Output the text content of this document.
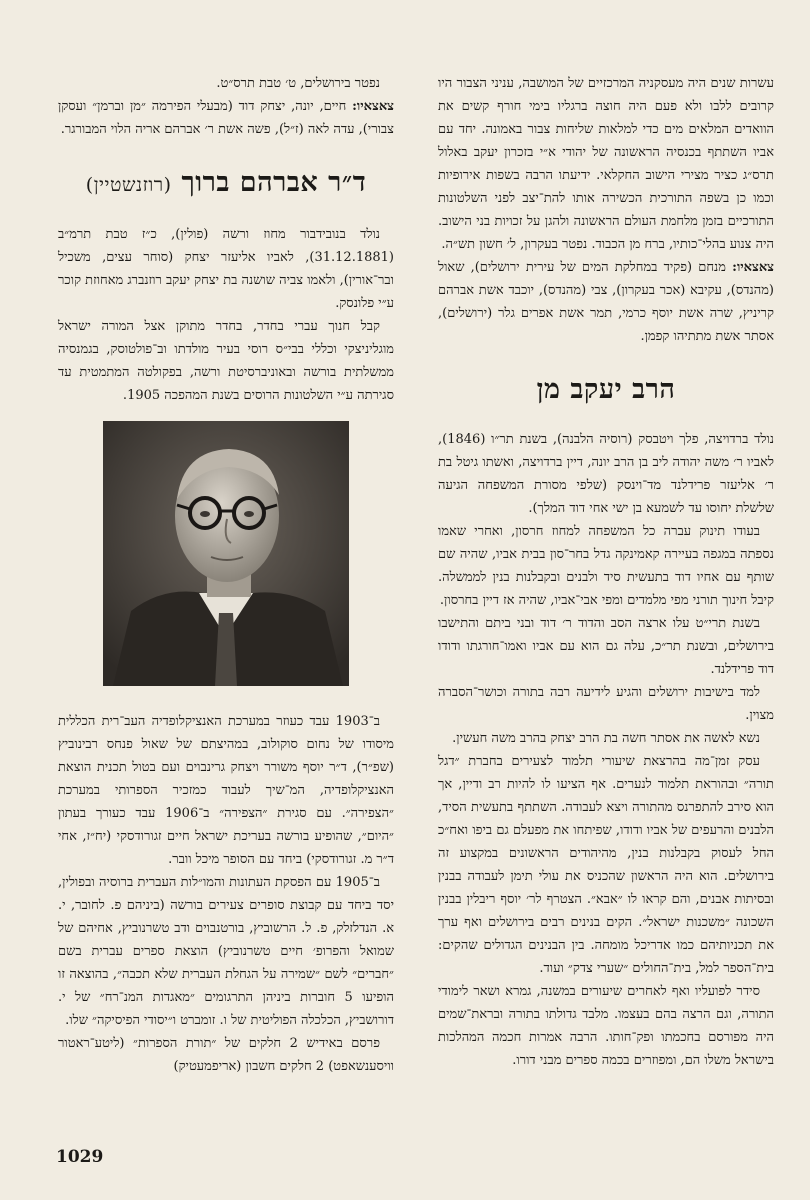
עשרות שנים היה מעסקניה המרכזיים של המושבה, עניני הצבור היו קרובים ללבו ולא פעם היה חוצה ברגליו בימי חורף קשים את הוואדים המלאים מים כדי למלאות שליחות צבור באמונה. יחד עם אביו השתתף בכנסיה הראשונה של יהודי א״י בזכרון יעקב באלול תרס״ג כציר מצירי הישוב החקלאי. ידיעתו הרבה בשפות אירופיות וכמו כן בשפה התורכית הכשירה אותו להת־יצב לפני השלטונות התורכיים בזמן מלחמת העולם הראשונה ולהגן על זכויות בני הישוב. היה צנוע בהלי־כותיו, ברח מן הכבוד. נפטר בעקרון, ל׳ חשון תש״ה.

צאצאיו: מנחם (פקיד במחלקת המים של עירית ירושלים), שאול (מהנדס), עקיבא (אכר בעקרון), צבי (מהנדס), יוכבד אשת אברהם קריניץ, שרה אשת יוסף כרמי, תמר אשת אפרים גלר (ירושלים), אסתר אשת מתתיהו קפמן.

הרב יעקב מן

נולד ברדויצה, פלך ויטבסק (רוסיה הלבנה), בשנת תר״ו (1846), לאביו ר׳ משה יהודה ליב בן הרב יונה, דיין ברדויצה, ואשתו גיטל בת ר׳ אליעזר פרידלנד מד־וינסק (שלפי מסורת המשפחה הגיעה שלשלת יחוסו עד לשמעא בן ישי אחי דוד המלך).

בעודו תינוק עברה כל המשפחה למחוז חרסון, ואחרי שאמו נספתה במגפה בעיירה קאמינקה גדל בחר־סון בבית אביו, שהיה שם שותף עם אחיו דוד בתעשית סיד ולבנים ובקבלנות בנין לממשלה. קיבל חינוך תורני מפי מלמדים ומפי אבי־אביו, שהיה אז דיין בחרסון.

בשנת תרי״ט עלו ארצה הסב והדוד ר׳ דוד ובני ביתם והתישבו בירושלים, ובשנת תר״כ, עלה גם הוא עם אביו ואמו־חורגתו ודודו דוד פרידלנד.

למד בישיבות ירושלים והגיע לידיעה רבה בתורה וכושר־הסברה מצוין.

נשא לאשה את אסתר חשה בת הרב יצחק בהרב משה חעשין.

עסק זמן־מה בהרצאת שיעורי תלמוד לצעירים בחברת ״דגל תורה״ ובהוראת תלמוד לנערים. אף הציעו לו להיות רב ודיין, אך הוא סירב להתפרנס מהתורה ויצא לעבודה. השתתף בתעשית הסיד, הלבנים והרעפים של אביו ודודו, שפיתחו את מפעלם גם ביפו ואח״כ החל לעסוק בקבלנות בנין, מהיהודים הראשונים במקצוע זה בירושלים. הוא היה הראשון שהכניס את עולי תימן לעבודה בבנין ובסיתות אבנים, והם קראו לו ״אבא״. הצטרף לר׳ יוסף ריבלין בבנין השכונה ״משכנות ישראל״. הקים בנינים רבים בירושלים ואף ערך את תכניותיהם כמו אדריכל מומחה. בין הבנינים הגדולים שהקים: בית־הספר למל, בית־החולים ״שערי צדק״ ועוד.

סידר לפועליו ואף לאחרים שיעורים במשנה, גמרא ושאר לימודי התורה, וגם הרצה בהם בעצמו. מלבד גדולתו בתורה ובראת־שמים היה מפורסם בחכמתו ופק־חותו. הרבה אמרות חכמה המהלכות בישראל משלו הם, ומפוזרים בכמה ספרים מבני דורו.

נפטר בירושלים, ט׳ טבת תרס״ט.

צאצאיו: חיים, יונה, יצחק דוד (מבעלי הפירמה ״מן וברמן״ ועסקן צבורי), עדה לאה (ז״ל), פשה אשת ר׳ אברהם אריה הלוי המבורגר.

ד״ר אברהם ברוך (רוזנשטיין)

נולד בנובידבור מחוז ורשה (פולין), כ״ז טבת תרמ״ב (31.12.1881), לאביו אליעזר יצחק (סוחר עצים, משכיל ובר־אורין), ולאמו צביה שושנה בת יצחק יעקב רוזנברג מאחוזת קוכר ע״י פלונסק.

קבל חנוך עברי בחדר, בחדר מתוקן אצל המורה ישראל מוגליניצקי וכללי בבי״ס רוסי בעיר מולדתו וב־פולטוסק, בגמנסיה ממשלתית בורשה ובאוניברסיטת ורשה, בפקולטה המתמטית עד סגירתה ע״י השלטונות הרוסים בשנת המהפכה 1905.

ב־1903 עבד כעוזר במערכת האנציקלופדיה העב־רית הכללית מיסודו של נחום סוקולוב, במהיצתם של שאול פנחס רבינוביץ (שפ״ר), ד״ר יוסף משורר ויצחק גרינבוים ועם בטול תכנית הוצאת האנציקלופדיה, המ־שיך לעבוד כמזכיר הספרותי במערכת ״הצפירה״. עם סגירת ״הצפירה״ ב־1906 עבד כעורך בעתון ״היום״, שהופיע בורשה בעריכת ישראל חיים זגורודסקי (יח״ז, אחי ד״ר מ. זגורודסקי) ביחד עם הסופר מיכל וובר.

ב־1905 עם הפסקת העתונות והמו״לות העברית ברוסיה ובפולין, יסד ביחד עם קבוצת סופרים צעירים בורשה (ביניהם פ. לחובר, י. א. הנדלזלק, פ. ל. הרשוביץ, בורטנבוים ודב טשרנוביץ, אחיהם של שמואל והפרופ׳ חיים טשרנוביץ) הוצאת ספרים עברית בשם ״חברים״ לשם ״שמירה על הגחלת העברית שלא תכבה״, בהוצאה זו הופיעו 5 חוברות ביניהן התרגומים ״מאגדות המנ־רח״ של י. דורושביץ, הכלכלה הפוליטית של ו. זומברט ו״יסודי הפיסיקה״ שלו.

פרסם באידיש 2 חלקים של ״תורת הספרות״ (ליטע־ראטור וויסענשאפט) 2 חלקים חשבון (אריפמעטיק)

1029
